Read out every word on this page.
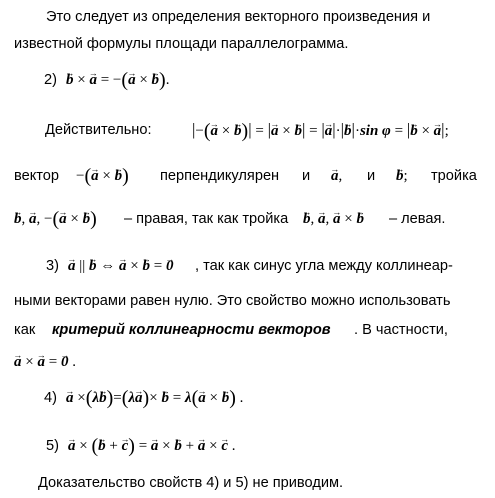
Это следует из определения векторного произведения и
известной формулы площади параллелограмма.
2) → b × → a = −(→ a × → b).
Действительно: |−(→ a × → b)| = |→ a × → b| = |→ a|·|→ b|·sin φ = |→ b × → a|;
вектор −(→ a × → b) перпендикулярен и → a, и → b; тройка
→ b, → a, −(→ a × → b) – правая, так как тройка → b, → a, → a × → b – левая.
3) → a || → b ⇔ → a × → b = → 0 , так как синус угла между коллинеар-
ными векторами равен нулю. Это свойство можно использовать
как критерий коллинеарности векторов . В частности,
→ a × → a = → 0 .
4) → a ×(λ→ b)=(λ→ a)× → b = λ(→ a × → b) .
5) → a × (→ b + → c) = → a × → b + → a × → c .
Доказательство свойств 4) и 5) не приводим.
